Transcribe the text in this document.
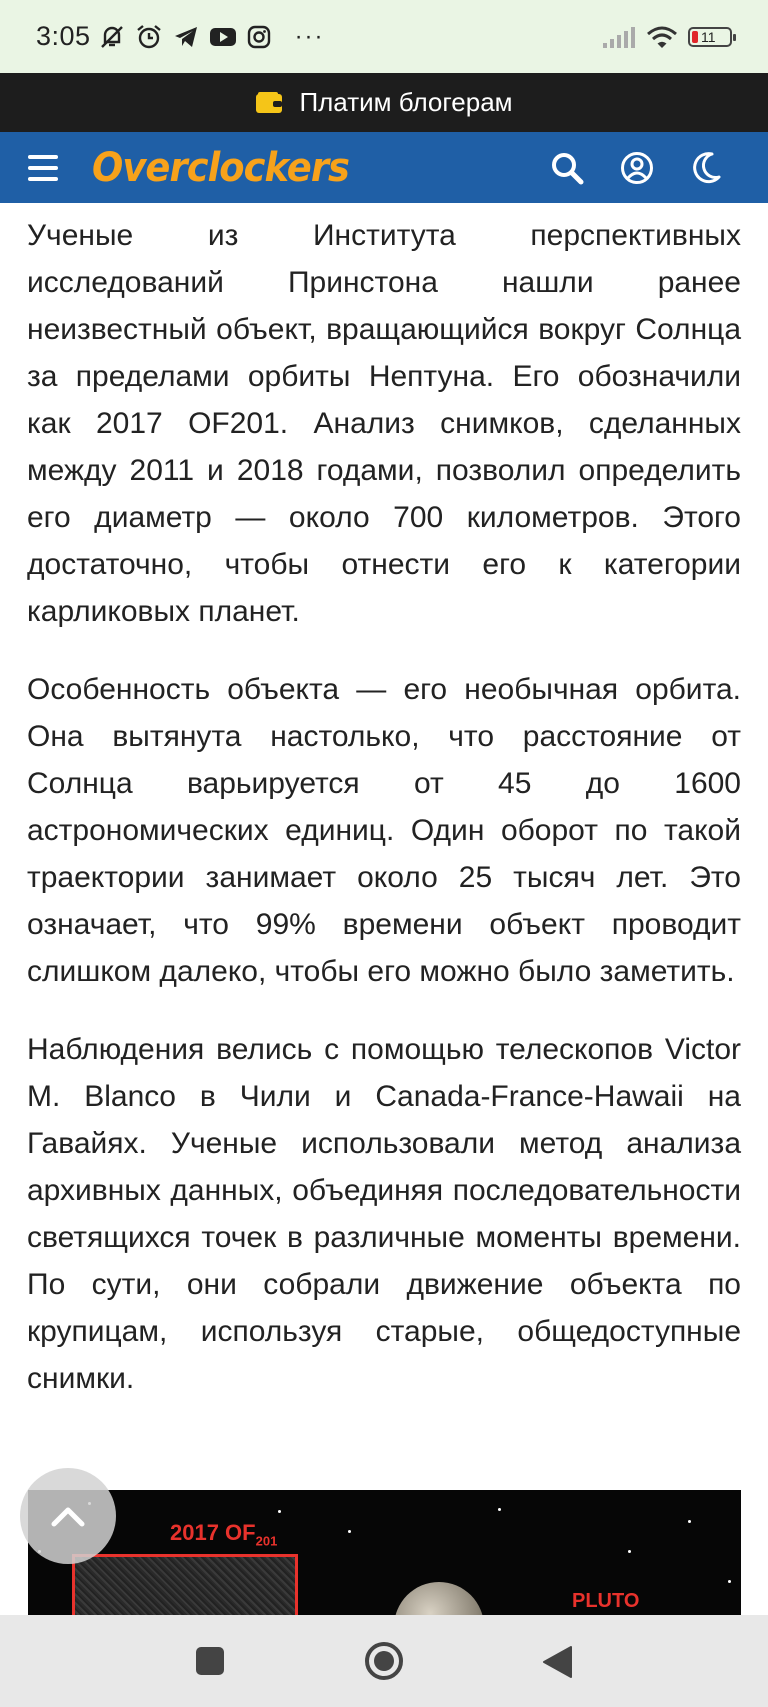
3:05	···	11
Платим блогерам
Overclockers

Ученые из Института перспективных исследований Принстона нашли ранее неизвестный объект, вращающийся вокруг Солнца за пределами орбиты Нептуна. Его обозначили как 2017 OF201. Анализ снимков, сделанных между 2011 и 2018 годами, позволил определить его диаметр — около 700 километров. Этого достаточно, чтобы отнести его к категории карликовых планет.

Особенность объекта — его необычная орбита. Она вытянута настолько, что расстояние от Солнца варьируется от 45 до 1600 астрономических единиц. Один оборот по такой траектории занимает около 25 тысяч лет. Это означает, что 99% времени объект проводит слишком далеко, чтобы его можно было заметить.

Наблюдения велись с помощью телескопов Victor M. Blanco в Чили и Canada-France-Hawaii на Гавайях. Ученые использовали метод анализа архивных данных, объединяя последовательности светящихся точек в различные моменты времени. По сути, они собрали движение объекта по крупицам, используя старые, общедоступные снимки.

2017 $OF_{201}$
PLUTO
